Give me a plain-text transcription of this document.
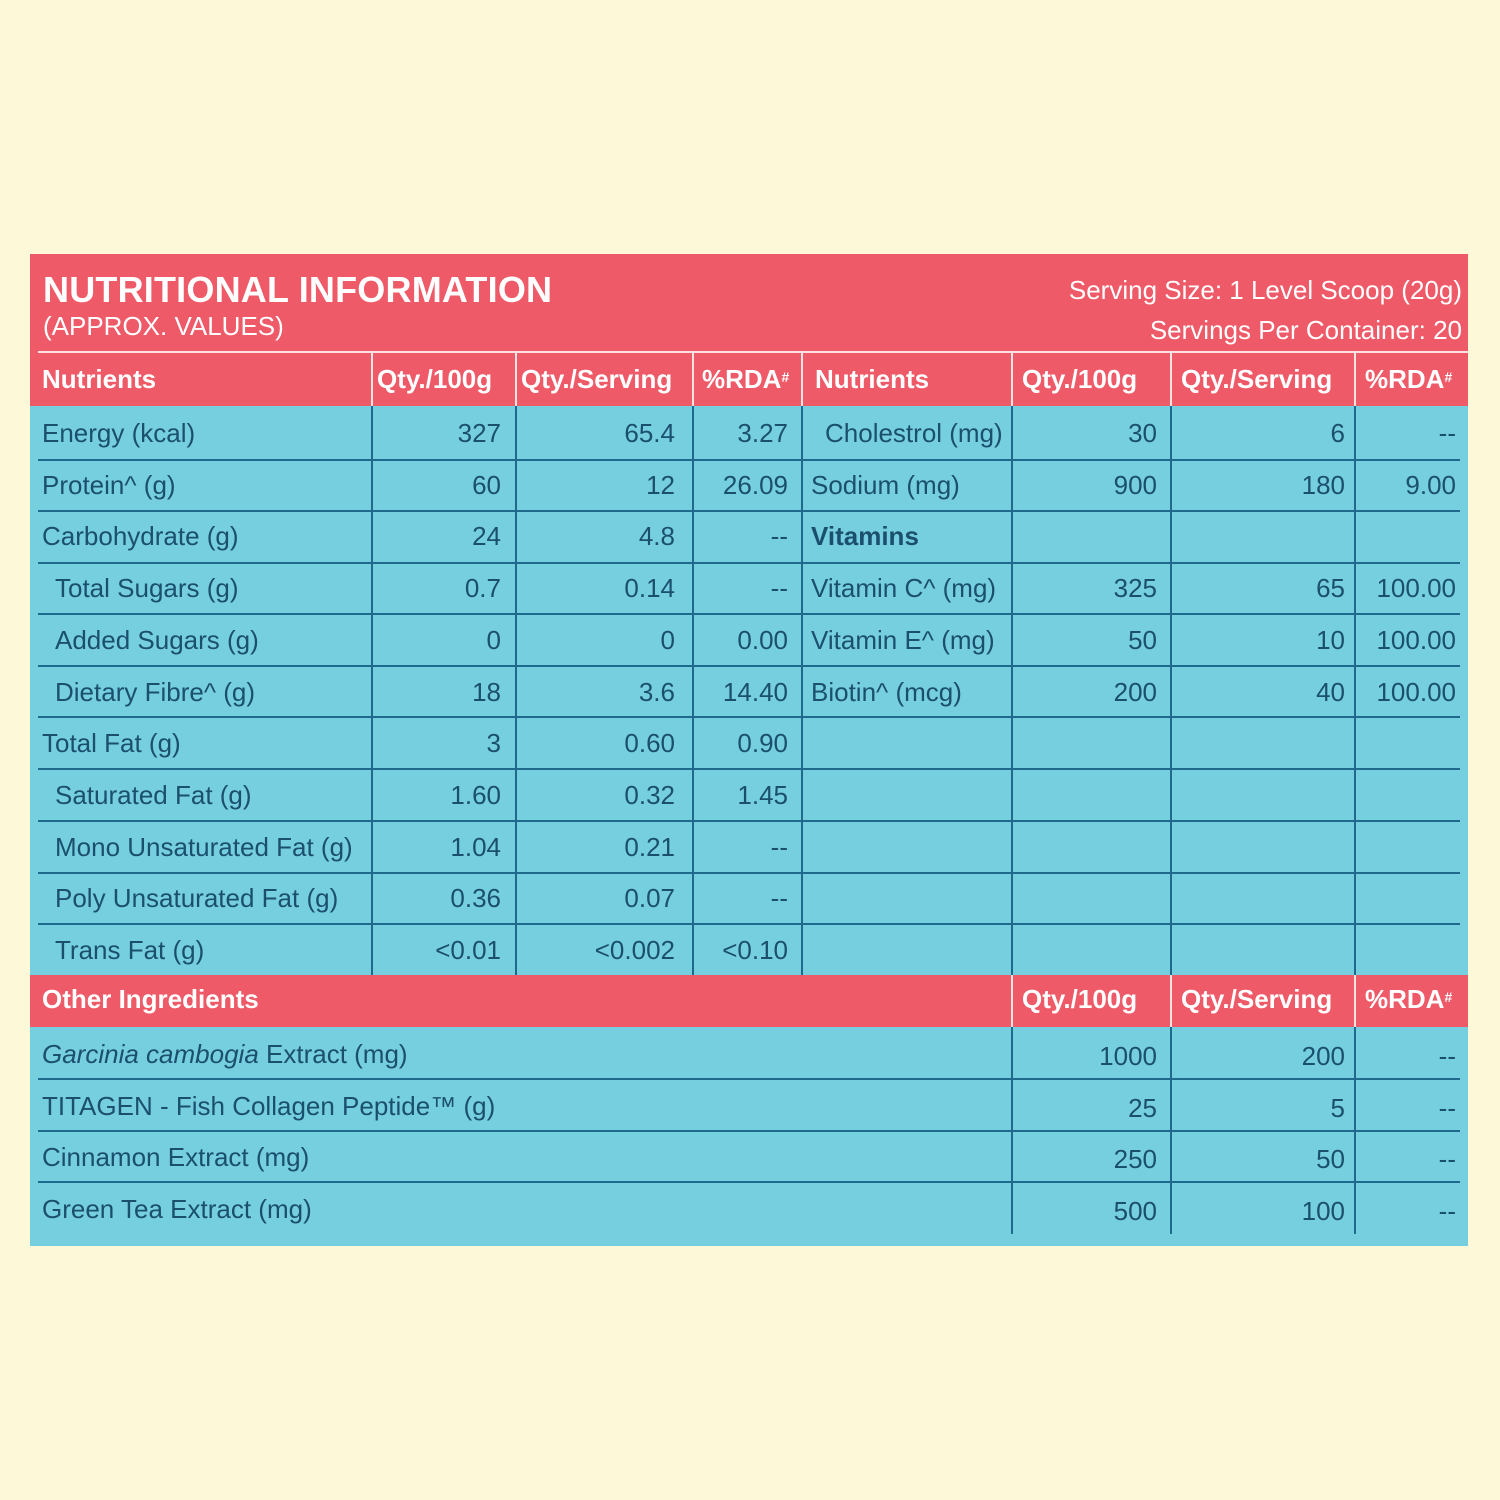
NUTRITIONAL INFORMATION
(APPROX. VALUES)
Serving Size: 1 Level Scoop (20g)
Servings Per Container: 20
Nutrients	Qty./100g Qty./Serving %RDA# Nutrients	Qty./100g Qty./Serving %RDA#
Energy (kcal)	327	65.4	3.27
Protein^ (g)	60	12	26.09
Carbohydrate (g)	24	4.8	--
Total Sugars (g)	0.7	0.14	--
Added Sugars (g)	0	0	0.00
Dietary Fibre^ (g)	18	3.6	14.40
Total Fat (g)	3	0.60	0.90
Saturated Fat (g)	1.60	0.32	1.45
Mono Unsaturated Fat (g)	1.04	0.21	--
Poly Unsaturated Fat (g)	0.36	0.07	--
Trans Fat (g)	<0.01	<0.002	<0.10
Cholestrol (mg)	30	6	--
Sodium (mg)	900	180	9.00
Vitamins
Vitamin C^ (mg)	325	65	100.00
Vitamin E^ (mg)	50	10	100.00
Biotin^ (mcg)	200	40	100.00
Other Ingredients	Qty./100g Qty./Serving %RDA#
Garcinia cambogia Extract (mg)	1000	200	--
TITAGEN - Fish Collagen Peptide™ (g)	25	5	--
Cinnamon Extract (mg)	250	50	--
Green Tea Extract (mg)	500	100	--
